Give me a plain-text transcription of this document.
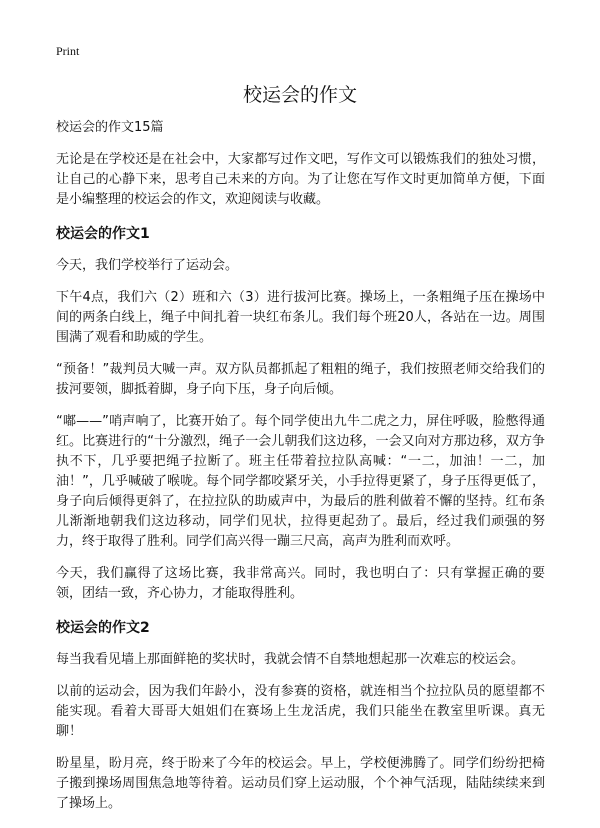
Print
校运会的作文
校运会的作文15篇

无论是在学校还是在社会中，大家都写过作文吧，写作文可以锻炼我们的独处习惯，让自己的心静下来，思考自己未来的方向。为了让您在写作文时更加简单方便，下面是小编整理的校运会的作文，欢迎阅读与收藏。

校运会的作文1

今天，我们学校举行了运动会。

下午4点，我们六（2）班和六（3）进行拔河比赛。操场上，一条粗绳子压在操场中间的两条白线上，绳子中间扎着一块红布条儿。我们每个班20人，各站在一边。周围围满了观看和助威的学生。

“预备！”裁判员大喊一声。双方队员都抓起了粗粗的绳子，我们按照老师交给我们的拔河要领，脚抵着脚，身子向下压，身子向后倾。

“嘟——”哨声响了，比赛开始了。每个同学使出九牛二虎之力，屏住呼吸，脸憋得通红。比赛进行的“十分激烈，绳子一会儿朝我们这边移，一会又向对方那边移，双方争执不下，几乎要把绳子拉断了。班主任带着拉拉队高喊：“一二，加油！一二，加油！”，几乎喊破了喉咙。每个同学都咬紧牙关，小手拉得更紧了，身子压得更低了，身子向后倾得更斜了，在拉拉队的助威声中，为最后的胜利做着不懈的坚持。红布条儿渐渐地朝我们这边移动，同学们见状，拉得更起劲了。最后，经过我们顽强的努力，终于取得了胜利。同学们高兴得一蹦三尺高，高声为胜利而欢呼。

今天，我们赢得了这场比赛，我非常高兴。同时，我也明白了：只有掌握正确的要领，团结一致，齐心协力，才能取得胜利。

校运会的作文2

每当我看见墙上那面鲜艳的奖状时，我就会情不自禁地想起那一次难忘的校运会。

以前的运动会，因为我们年龄小，没有参赛的资格，就连相当个拉拉队员的愿望都不能实现。看着大哥哥大姐姐们在赛场上生龙活虎，我们只能坐在教室里听课。真无聊！

盼星星，盼月亮，终于盼来了今年的校运会。早上，学校便沸腾了。同学们纷纷把椅子搬到操场周围焦急地等待着。运动员们穿上运动服，个个神气活现，陆陆续续来到了操场上。
